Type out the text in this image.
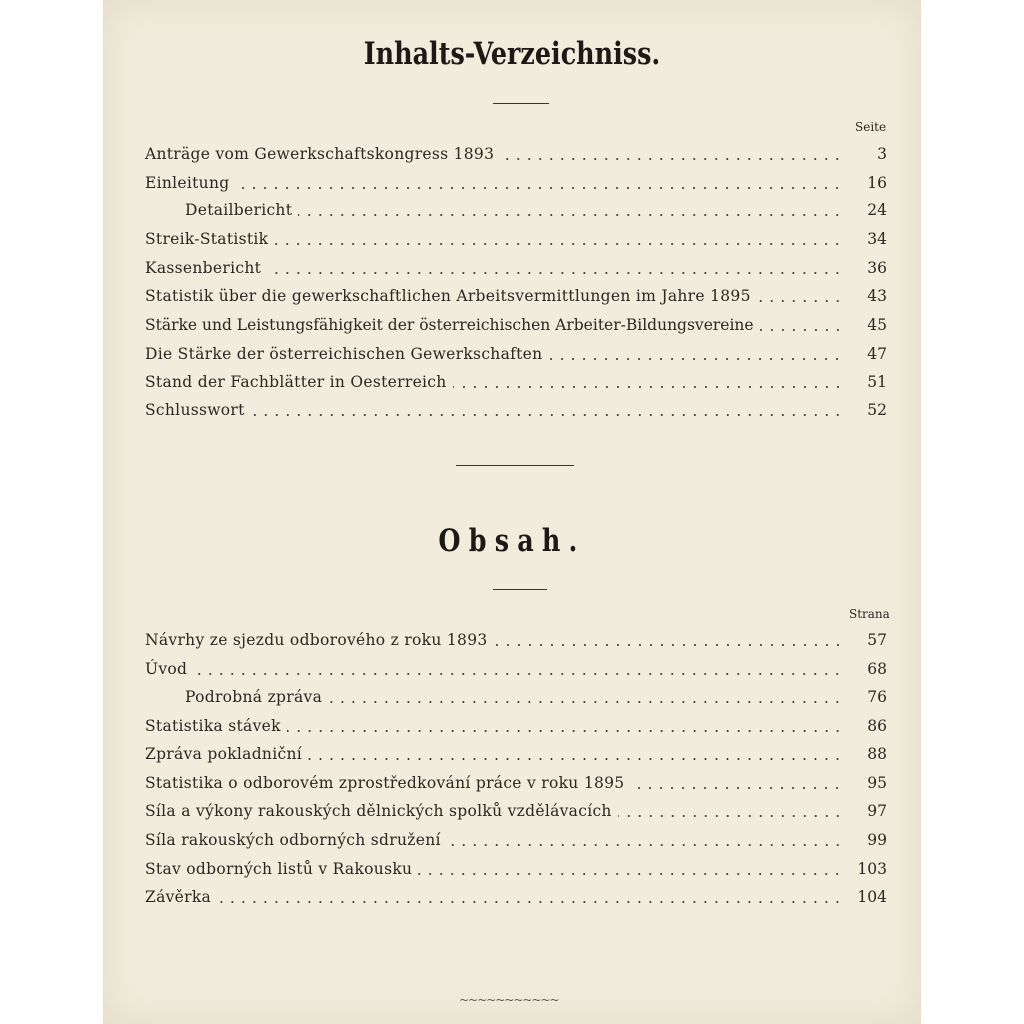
Inhalts-Verzeichniss.
Seite
Anträge vom Gewerkschaftskongress 1893	3
Einleitung	16
Detailbericht	24
Streik-Statistik	34
Kassenbericht	36
Statistik über die gewerkschaftlichen Arbeitsvermittlungen im Jahre 1895	43
Stärke und Leistungsfähigkeit der österreichischen Arbeiter-Bildungsvereine	45
Die Stärke der österreichischen Gewerkschaften	47
Stand der Fachblätter in Oesterreich	51
Schlusswort	52
Obsah.
Strana
Návrhy ze sjezdu odborového z roku 1893	57
Úvod	68
Podrobná zpráva	76
Statistika stávek	86
Zpráva pokladniční	88
Statistika o odborovém zprostředkování práce v roku 1895	95
Síla a výkony rakouských dělnických spolků vzdělávacích	97
Síla rakouských odborných sdružení	99
Stav odborných listů v Rakousku	103
Závěrka	104
~~~~~~~~~~~
